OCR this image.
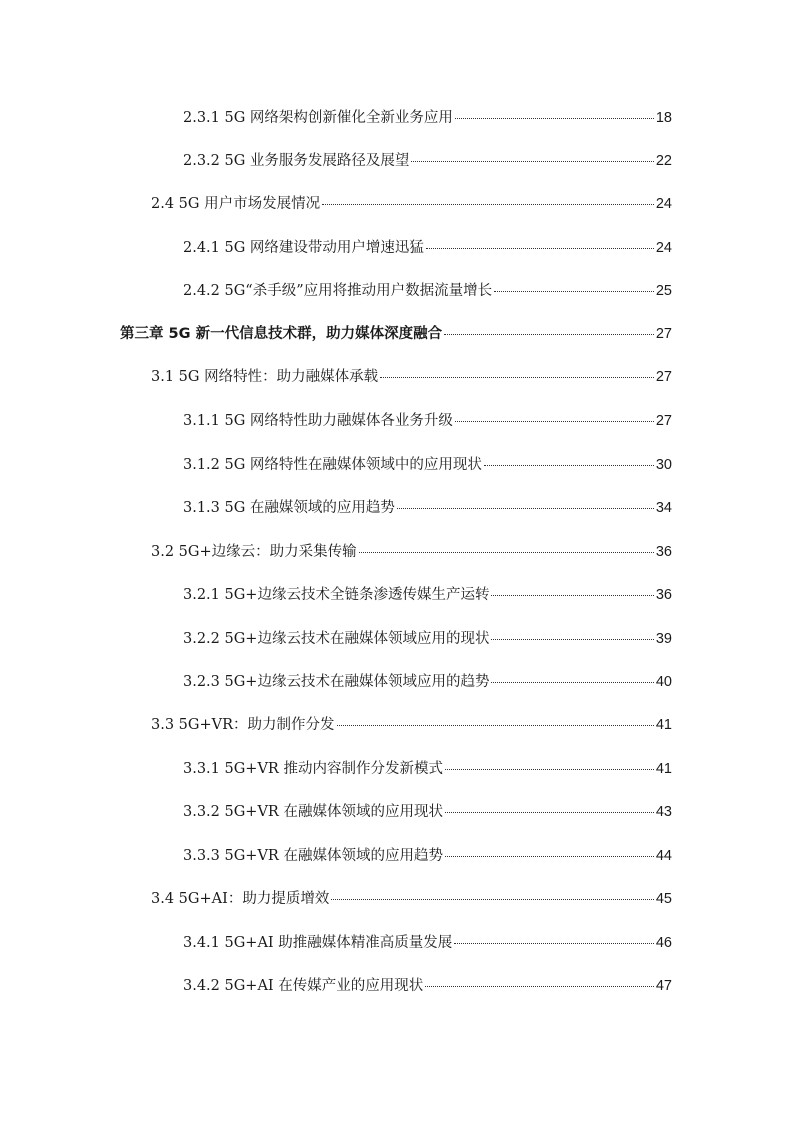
2.3.1 5G 网络架构创新催化全新业务应用	18
2.3.2 5G 业务服务发展路径及展望	22
2.4 5G 用户市场发展情况	24
2.4.1 5G 网络建设带动用户增速迅猛	24
2.4.2 5G“杀手级”应用将推动用户数据流量增长	25
第三章 5G 新一代信息技术群，助力媒体深度融合	27
3.1 5G 网络特性：助力融媒体承载	27
3.1.1 5G 网络特性助力融媒体各业务升级	27
3.1.2 5G 网络特性在融媒体领域中的应用现状	30
3.1.3 5G 在融媒领域的应用趋势	34
3.2 5G+边缘云：助力采集传输	36
3.2.1 5G+边缘云技术全链条渗透传媒生产运转	36
3.2.2 5G+边缘云技术在融媒体领域应用的现状	39
3.2.3 5G+边缘云技术在融媒体领域应用的趋势	40
3.3 5G+VR：助力制作分发	41
3.3.1 5G+VR 推动内容制作分发新模式	41
3.3.2 5G+VR 在融媒体领域的应用现状	43
3.3.3 5G+VR 在融媒体领域的应用趋势	44
3.4 5G+AI：助力提质增效	45
3.4.1 5G+AI 助推融媒体精准高质量发展	46
3.4.2 5G+AI 在传媒产业的应用现状	47
